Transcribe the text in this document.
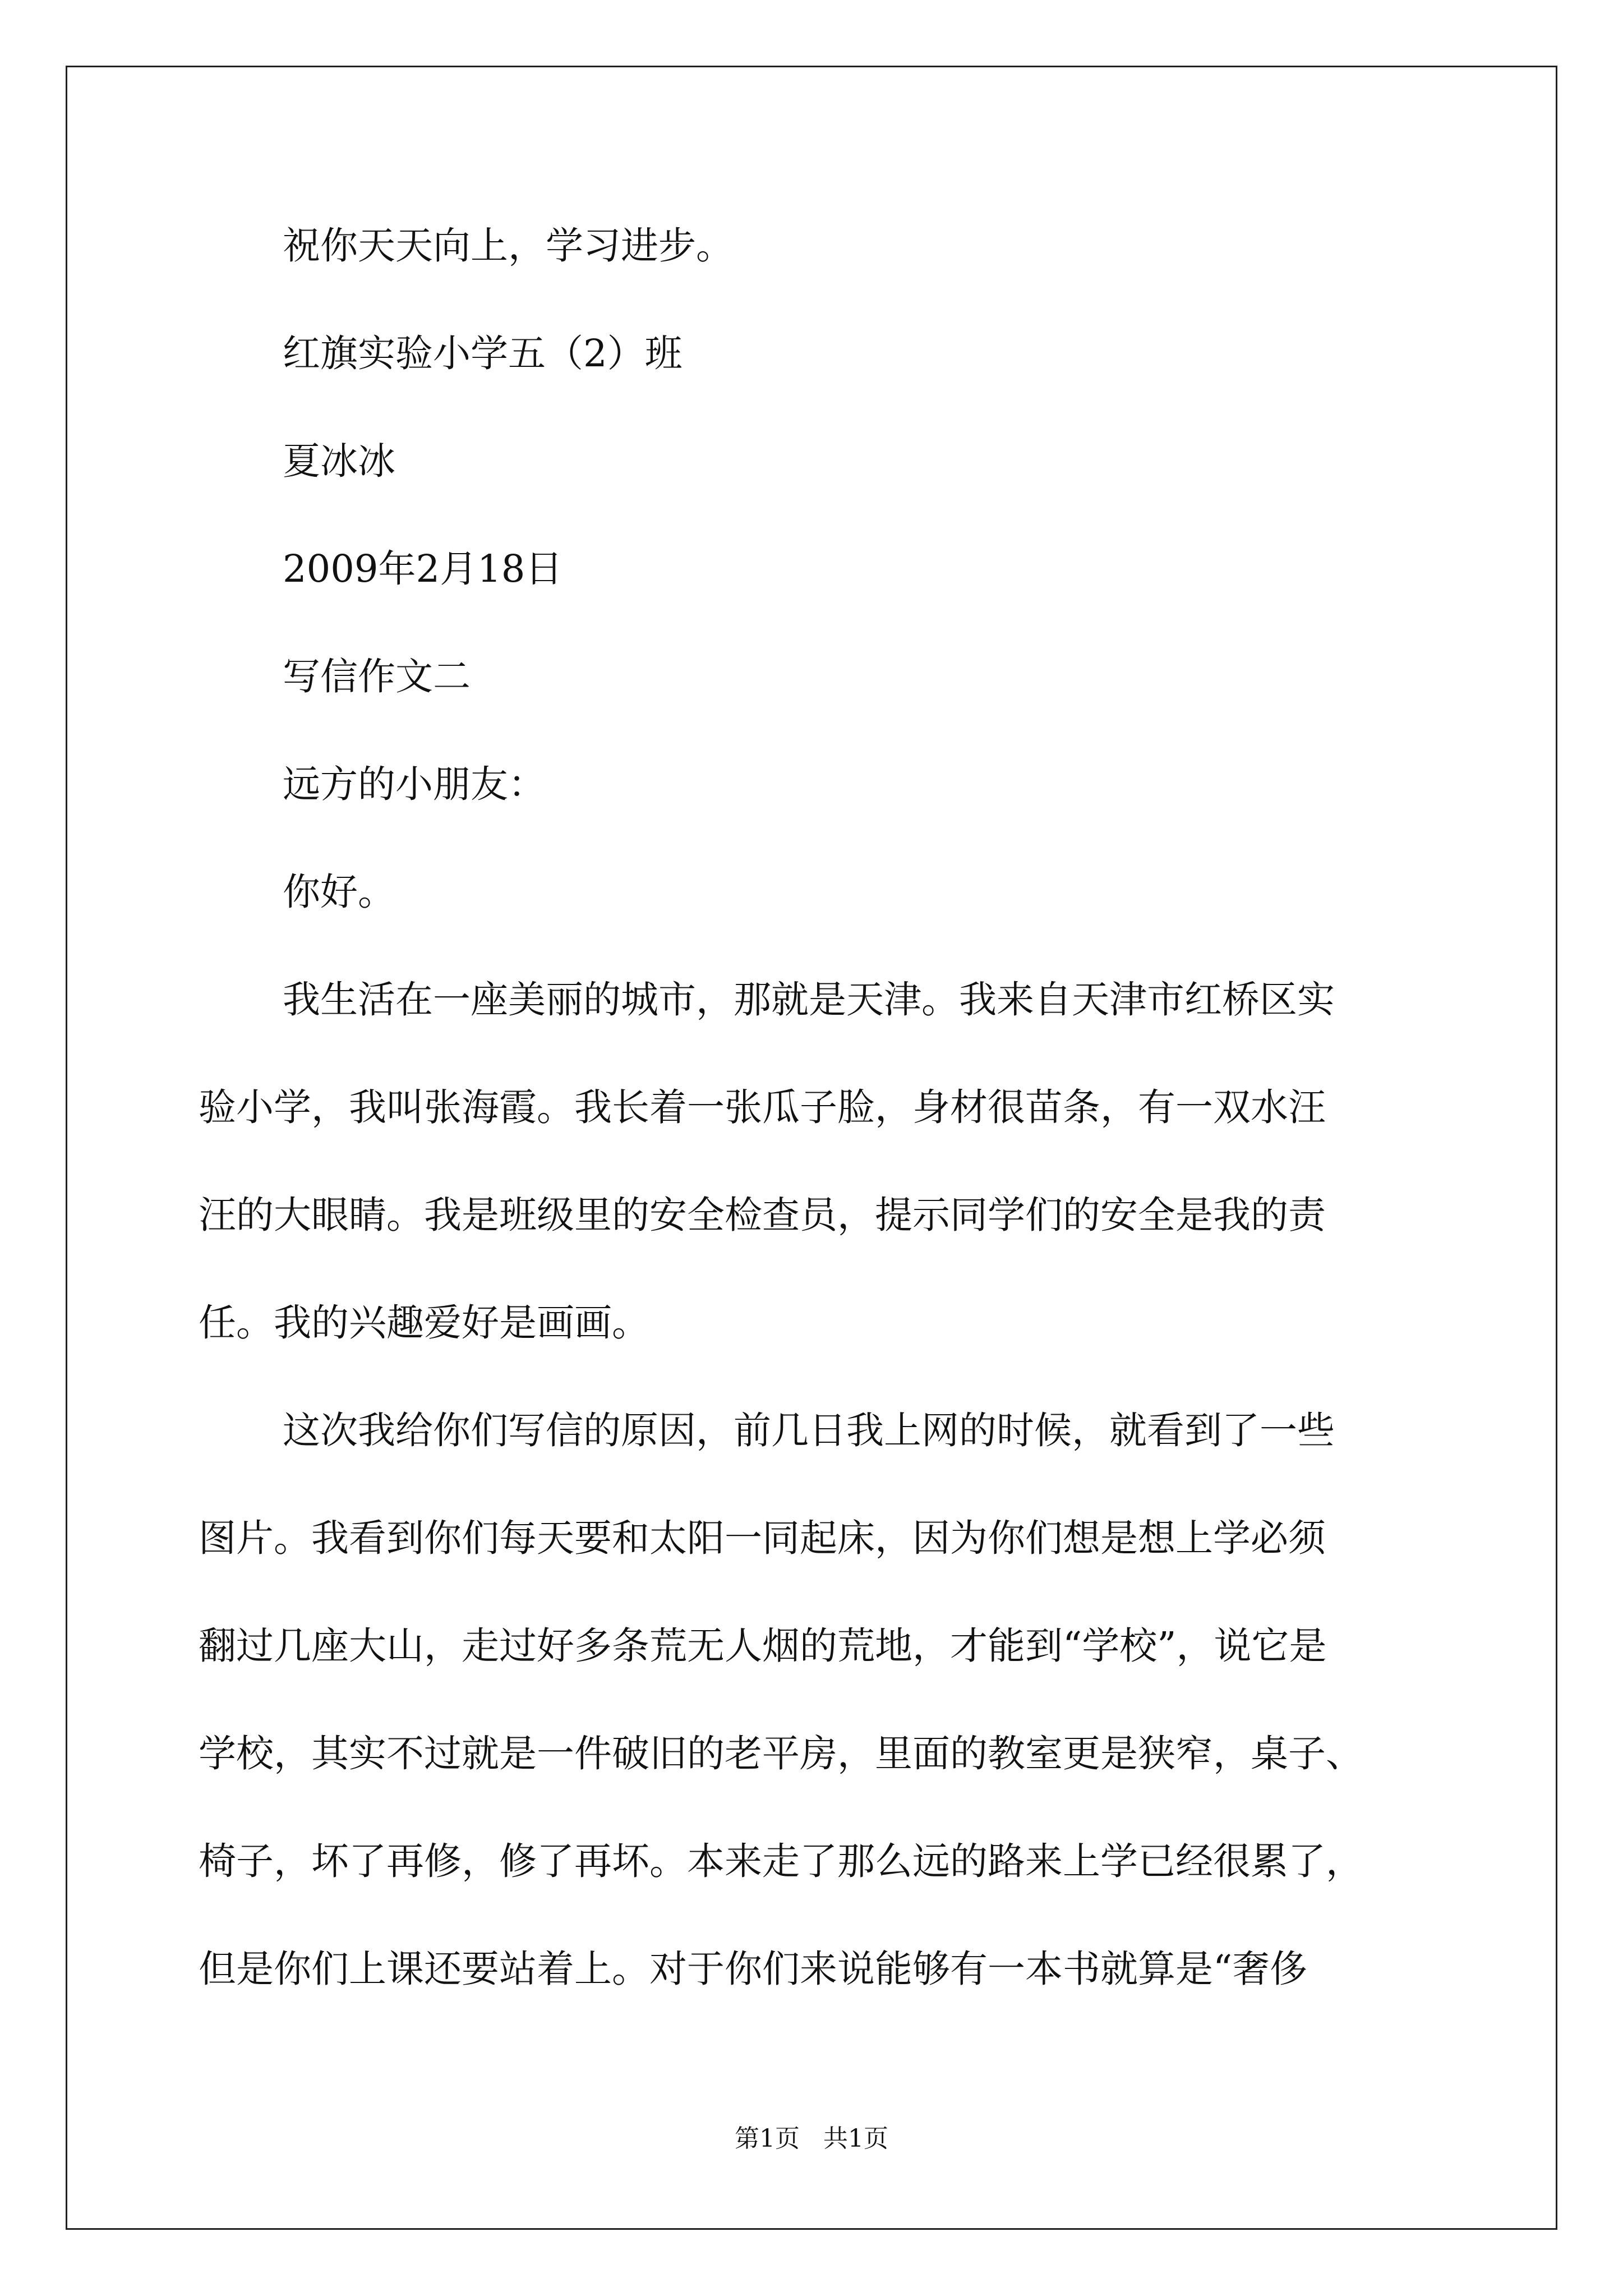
祝你天天向上，学习进步。
红旗实验小学五（2）班
夏冰冰
2009年2月18日
写信作文二
远方的小朋友：
你好。
我生活在一座美丽的城市，那就是天津。我来自天津市红桥区实
验小学，我叫张海霞。我长着一张瓜子脸，身材很苗条，有一双水汪
汪的大眼睛。我是班级里的安全检查员，提示同学们的安全是我的责
任。我的兴趣爱好是画画。
这次我给你们写信的原因，前几日我上网的时候，就看到了一些
图片。我看到你们每天要和太阳一同起床，因为你们想是想上学必须
翻过几座大山，走过好多条荒无人烟的荒地，才能到“学校”，说它是
学校，其实不过就是一件破旧的老平房，里面的教室更是狭窄，桌子、
椅子，坏了再修，修了再坏。本来走了那么远的路来上学已经很累了，
但是你们上课还要站着上。对于你们来说能够有一本书就算是“奢侈
第1页   共1页
